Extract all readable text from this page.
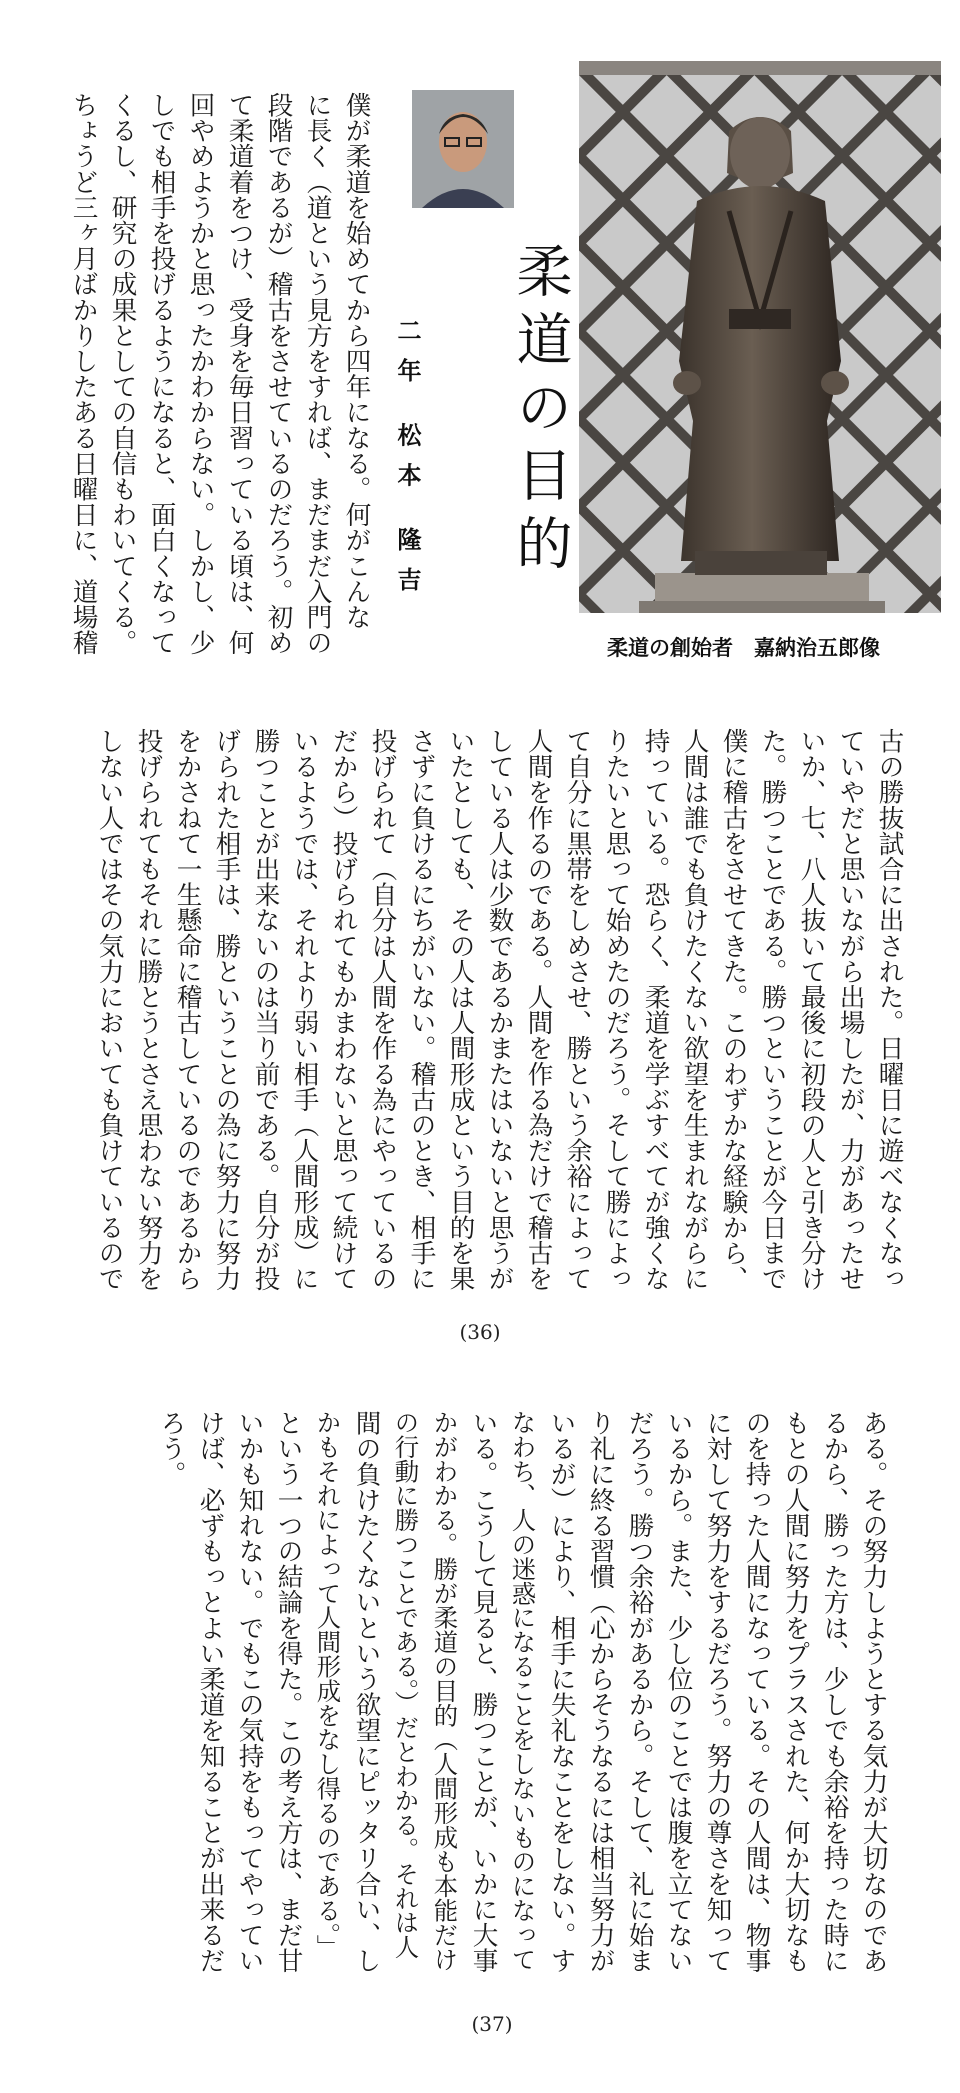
柔道の目的
二年 松本 隆吉
柔道の創始者　嘉納治五郎像
僕が柔道を始めてから四年になる。何がこんな
に長く（道という見方をすれば、まだまだ入門の
段階であるが）稽古をさせているのだろう。初め
て柔道着をつけ、受身を毎日習っている頃は、何
回やめようかと思ったかわからない。しかし、少
しでも相手を投げるようになると、面白くなって
くるし、研究の成果としての自信もわいてくる。
ちょうど三ヶ月ばかりしたある日曜日に、道場稽
古の勝抜試合に出された。日曜日に遊べなくなっ
ていやだと思いながら出場したが、力があったせ
いか、七、八人抜いて最後に初段の人と引き分け
た。勝つことである。勝つということが今日まで
僕に稽古をさせてきた。このわずかな経験から、
人間は誰でも負けたくない欲望を生まれながらに
持っている。恐らく、柔道を学ぶすべてが強くな
りたいと思って始めたのだろう。そして勝によっ
て自分に黒帯をしめさせ、勝という余裕によって
人間を作るのである。人間を作る為だけで稽古を
している人は少数であるかまたはいないと思うが
いたとしても、その人は人間形成という目的を果
さずに負けるにちがいない。稽古のとき、相手に
投げられて（自分は人間を作る為にやっているの
だから）投げられてもかまわないと思って続けて
いるようでは、それより弱い相手（人間形成）に
勝つことが出来ないのは当り前である。自分が投
げられた相手は、勝ということの為に努力に努力
をかさねて一生懸命に稽古しているのであるから
投げられてもそれに勝とうとさえ思わない努力を
しない人ではその気力においても負けているので
(36)
ある。その努力しようとする気力が大切なのであ
るから、勝った方は、少しでも余裕を持った時に
もとの人間に努力をプラスされた、何か大切なも
のを持った人間になっている。その人間は、物事
に対して努力をするだろう。努力の尊さを知って
いるから。また、少し位のことでは腹を立てない
だろう。勝つ余裕があるから。そして、礼に始ま
り礼に終る習慣（心からそうなるには相当努力が
いるが）により、相手に失礼なことをしない。す
なわち、人の迷惑になることをしないものになって
いる。こうして見ると、勝つことが、いかに大事
かがわかる。勝が柔道の目的（人間形成も本能だけ
の行動に勝つことである。）だとわかる。それは人
間の負けたくないという欲望にピッタリ合い、し
かもそれによって人間形成をなし得るのである。」
という一つの結論を得た。この考え方は、まだ甘
いかも知れない。でもこの気持をもってやってい
けば、必ずもっとよい柔道を知ることが出来るだ
ろう。
(37)
